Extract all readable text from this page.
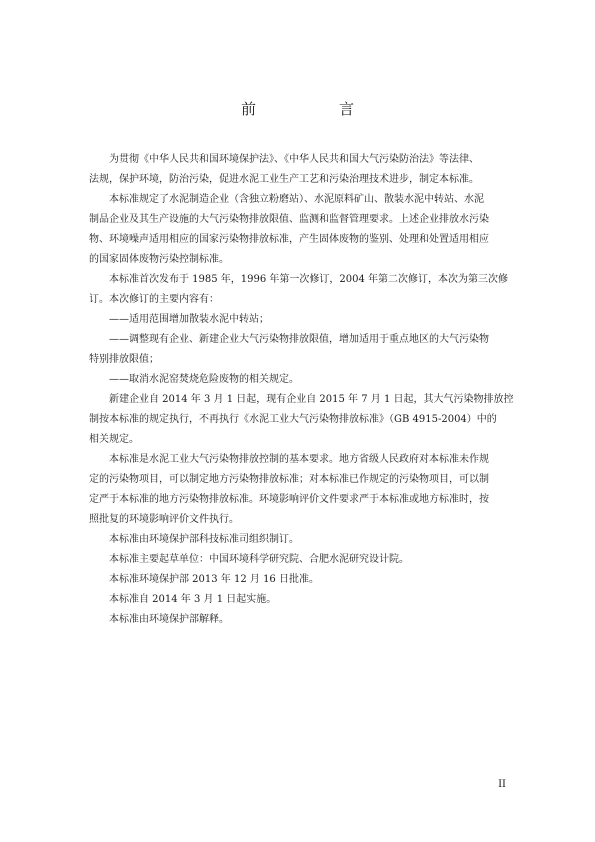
前　言

为贯彻《中华人民共和国环境保护法》、《中华人民共和国大气污染防治法》等法律、
法规，保护环境，防治污染，促进水泥工业生产工艺和污染治理技术进步，制定本标准。

本标准规定了水泥制造企业（含独立粉磨站）、水泥原料矿山、散装水泥中转站、水泥
制品企业及其生产设施的大气污染物排放限值、监测和监督管理要求。上述企业排放水污染
物、环境噪声适用相应的国家污染物排放标准，产生固体废物的鉴别、处理和处置适用相应
的国家固体废物污染控制标准。

本标准首次发布于 1985 年，1996 年第一次修订，2004 年第二次修订，本次为第三次修
订。本次修订的主要内容有：

——适用范围增加散装水泥中转站；

——调整现有企业、新建企业大气污染物排放限值，增加适用于重点地区的大气污染物
特别排放限值；

——取消水泥窑焚烧危险废物的相关规定。

新建企业自 2014 年 3 月 1 日起，现有企业自 2015 年 7 月 1 日起，其大气污染物排放控
制按本标准的规定执行，不再执行《水泥工业大气污染物排放标准》（GB 4915-2004）中的
相关规定。

本标准是水泥工业大气污染物排放控制的基本要求。地方省级人民政府对本标准未作规
定的污染物项目，可以制定地方污染物排放标准；对本标准已作规定的污染物项目，可以制
定严于本标准的地方污染物排放标准。环境影响评价文件要求严于本标准或地方标准时，按
照批复的环境影响评价文件执行。

本标准由环境保护部科技标准司组织制订。

本标准主要起草单位：中国环境科学研究院、合肥水泥研究设计院。

本标准环境保护部 2013 年 12 月 16 日批准。

本标准自 2014 年 3 月 1 日起实施。

本标准由环境保护部解释。

II
